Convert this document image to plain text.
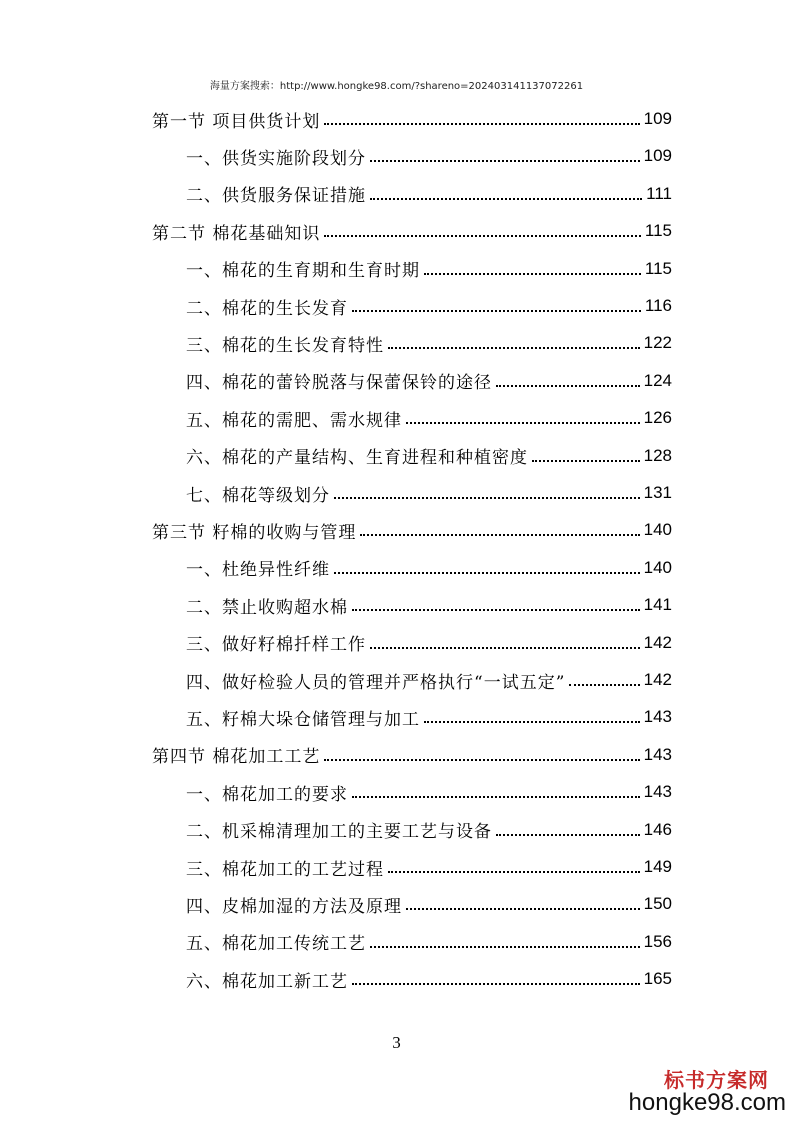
海量方案搜索：http://www.hongke98.com/?shareno=202403141137072261
第一节 项目供货计划	109
一、供货实施阶段划分	109
二、供货服务保证措施	111
第二节 棉花基础知识	115
一、棉花的生育期和生育时期	115
二、棉花的生长发育	116
三、棉花的生长发育特性	122
四、棉花的蕾铃脱落与保蕾保铃的途径	124
五、棉花的需肥、需水规律	126
六、棉花的产量结构、生育进程和种植密度	128
七、棉花等级划分	131
第三节 籽棉的收购与管理	140
一、杜绝异性纤维	140
二、禁止收购超水棉	141
三、做好籽棉扦样工作	142
四、做好检验人员的管理并严格执行“一试五定”	142
五、籽棉大垛仓储管理与加工	143
第四节 棉花加工工艺	143
一、棉花加工的要求	143
二、机采棉清理加工的主要工艺与设备	146
三、棉花加工的工艺过程	149
四、皮棉加湿的方法及原理	150
五、棉花加工传统工艺	156
六、棉花加工新工艺	165
3
标书方案网
hongke98.com
